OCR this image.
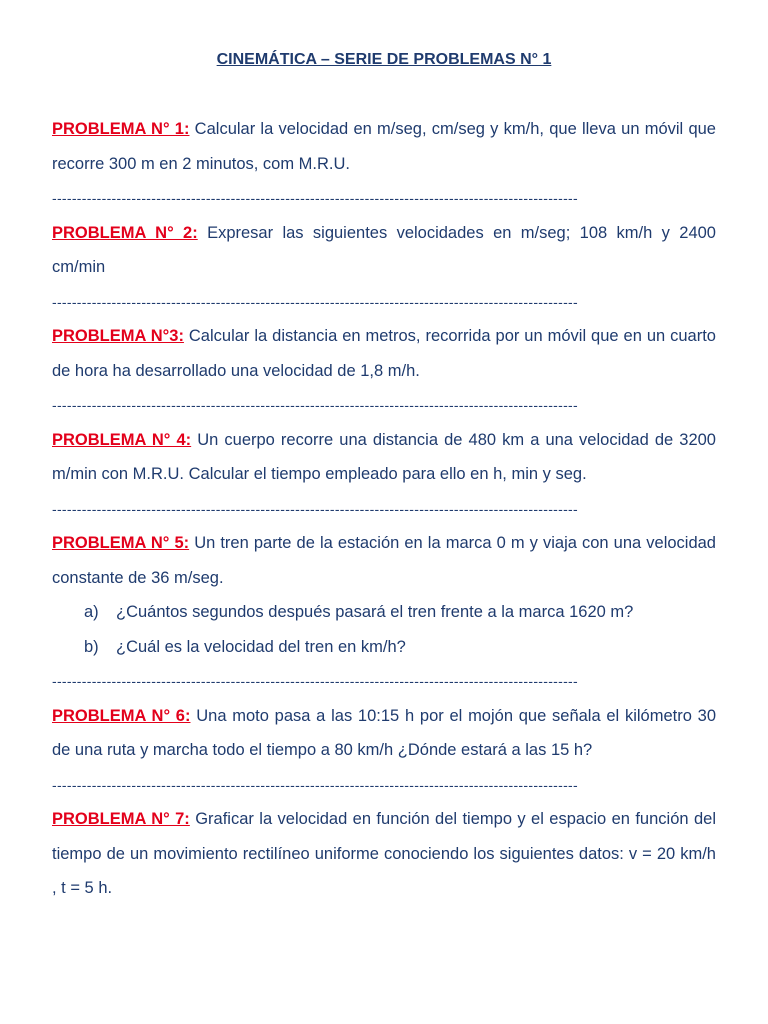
CINEMÁTICA – SERIE DE PROBLEMAS N° 1

PROBLEMA N° 1: Calcular la velocidad en m/seg, cm/seg y km/h, que lleva un móvil que recorre 300 m en 2 minutos, com M.R.U.

----------------------------------------------------------------------------------------------------------

PROBLEMA N° 2: Expresar las siguientes velocidades en m/seg; 108 km/h y 2400 cm/min

----------------------------------------------------------------------------------------------------------

PROBLEMA N°3: Calcular la distancia en metros, recorrida por un móvil que en un cuarto de hora ha desarrollado una velocidad de 1,8 m/h.

----------------------------------------------------------------------------------------------------------

PROBLEMA N° 4: Un cuerpo recorre una distancia de 480 km a una velocidad de 3200 m/min con M.R.U. Calcular el tiempo empleado para ello en h, min y seg.

----------------------------------------------------------------------------------------------------------

PROBLEMA N° 5: Un tren parte de la estación en la marca 0 m y viaja con una velocidad constante de 36 m/seg.

a)	¿Cuántos segundos después pasará el tren frente a la marca 1620 m?
b)	¿Cuál es la velocidad del tren en km/h?
----------------------------------------------------------------------------------------------------------

PROBLEMA N° 6: Una moto pasa a las 10:15 h por el mojón que señala el kilómetro 30 de una ruta y marcha todo el tiempo a 80 km/h ¿Dónde estará a las 15 h?

----------------------------------------------------------------------------------------------------------

PROBLEMA N° 7: Graficar la velocidad en función del tiempo y el espacio en función del tiempo de un movimiento rectilíneo uniforme conociendo los siguientes datos: v = 20 km/h , t = 5 h.
